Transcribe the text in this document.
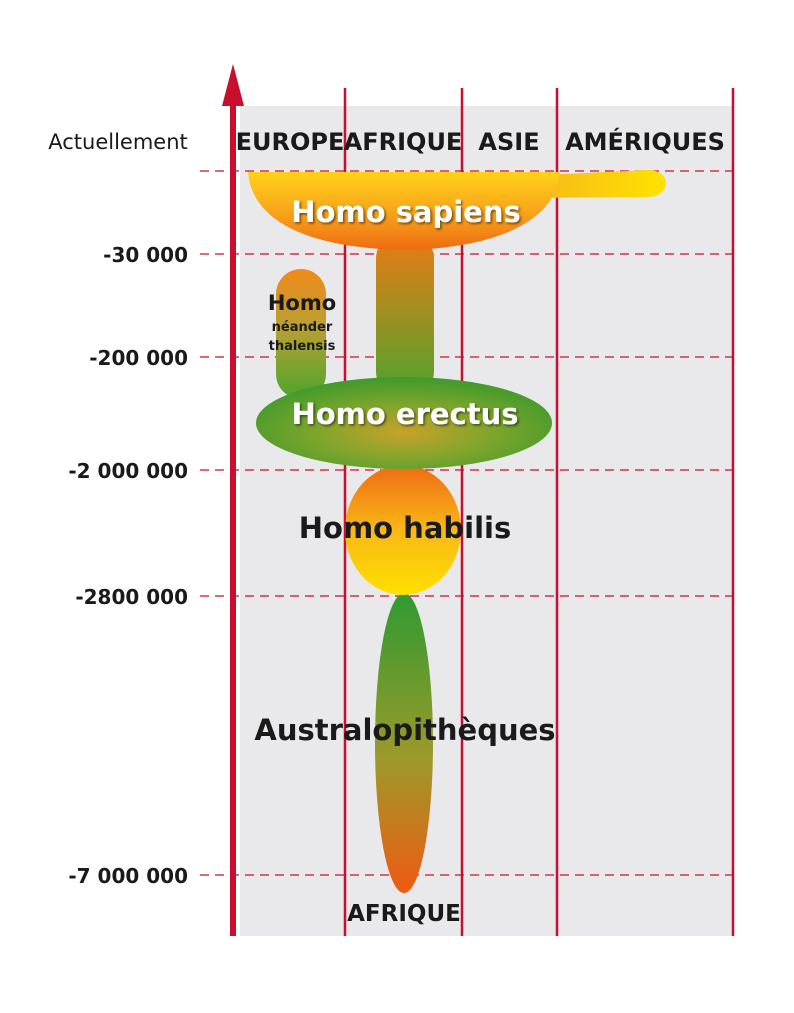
EUROPE AFRIQUE ASIE AMÉRIQUES
Actuellement
-30 000
-200 000
-2 000 000
-2800 000
-7 000 000
Homo sapiens
Homo
néander
thalensis
Homo erectus
Homo habilis
Australopithèques
AFRIQUE
